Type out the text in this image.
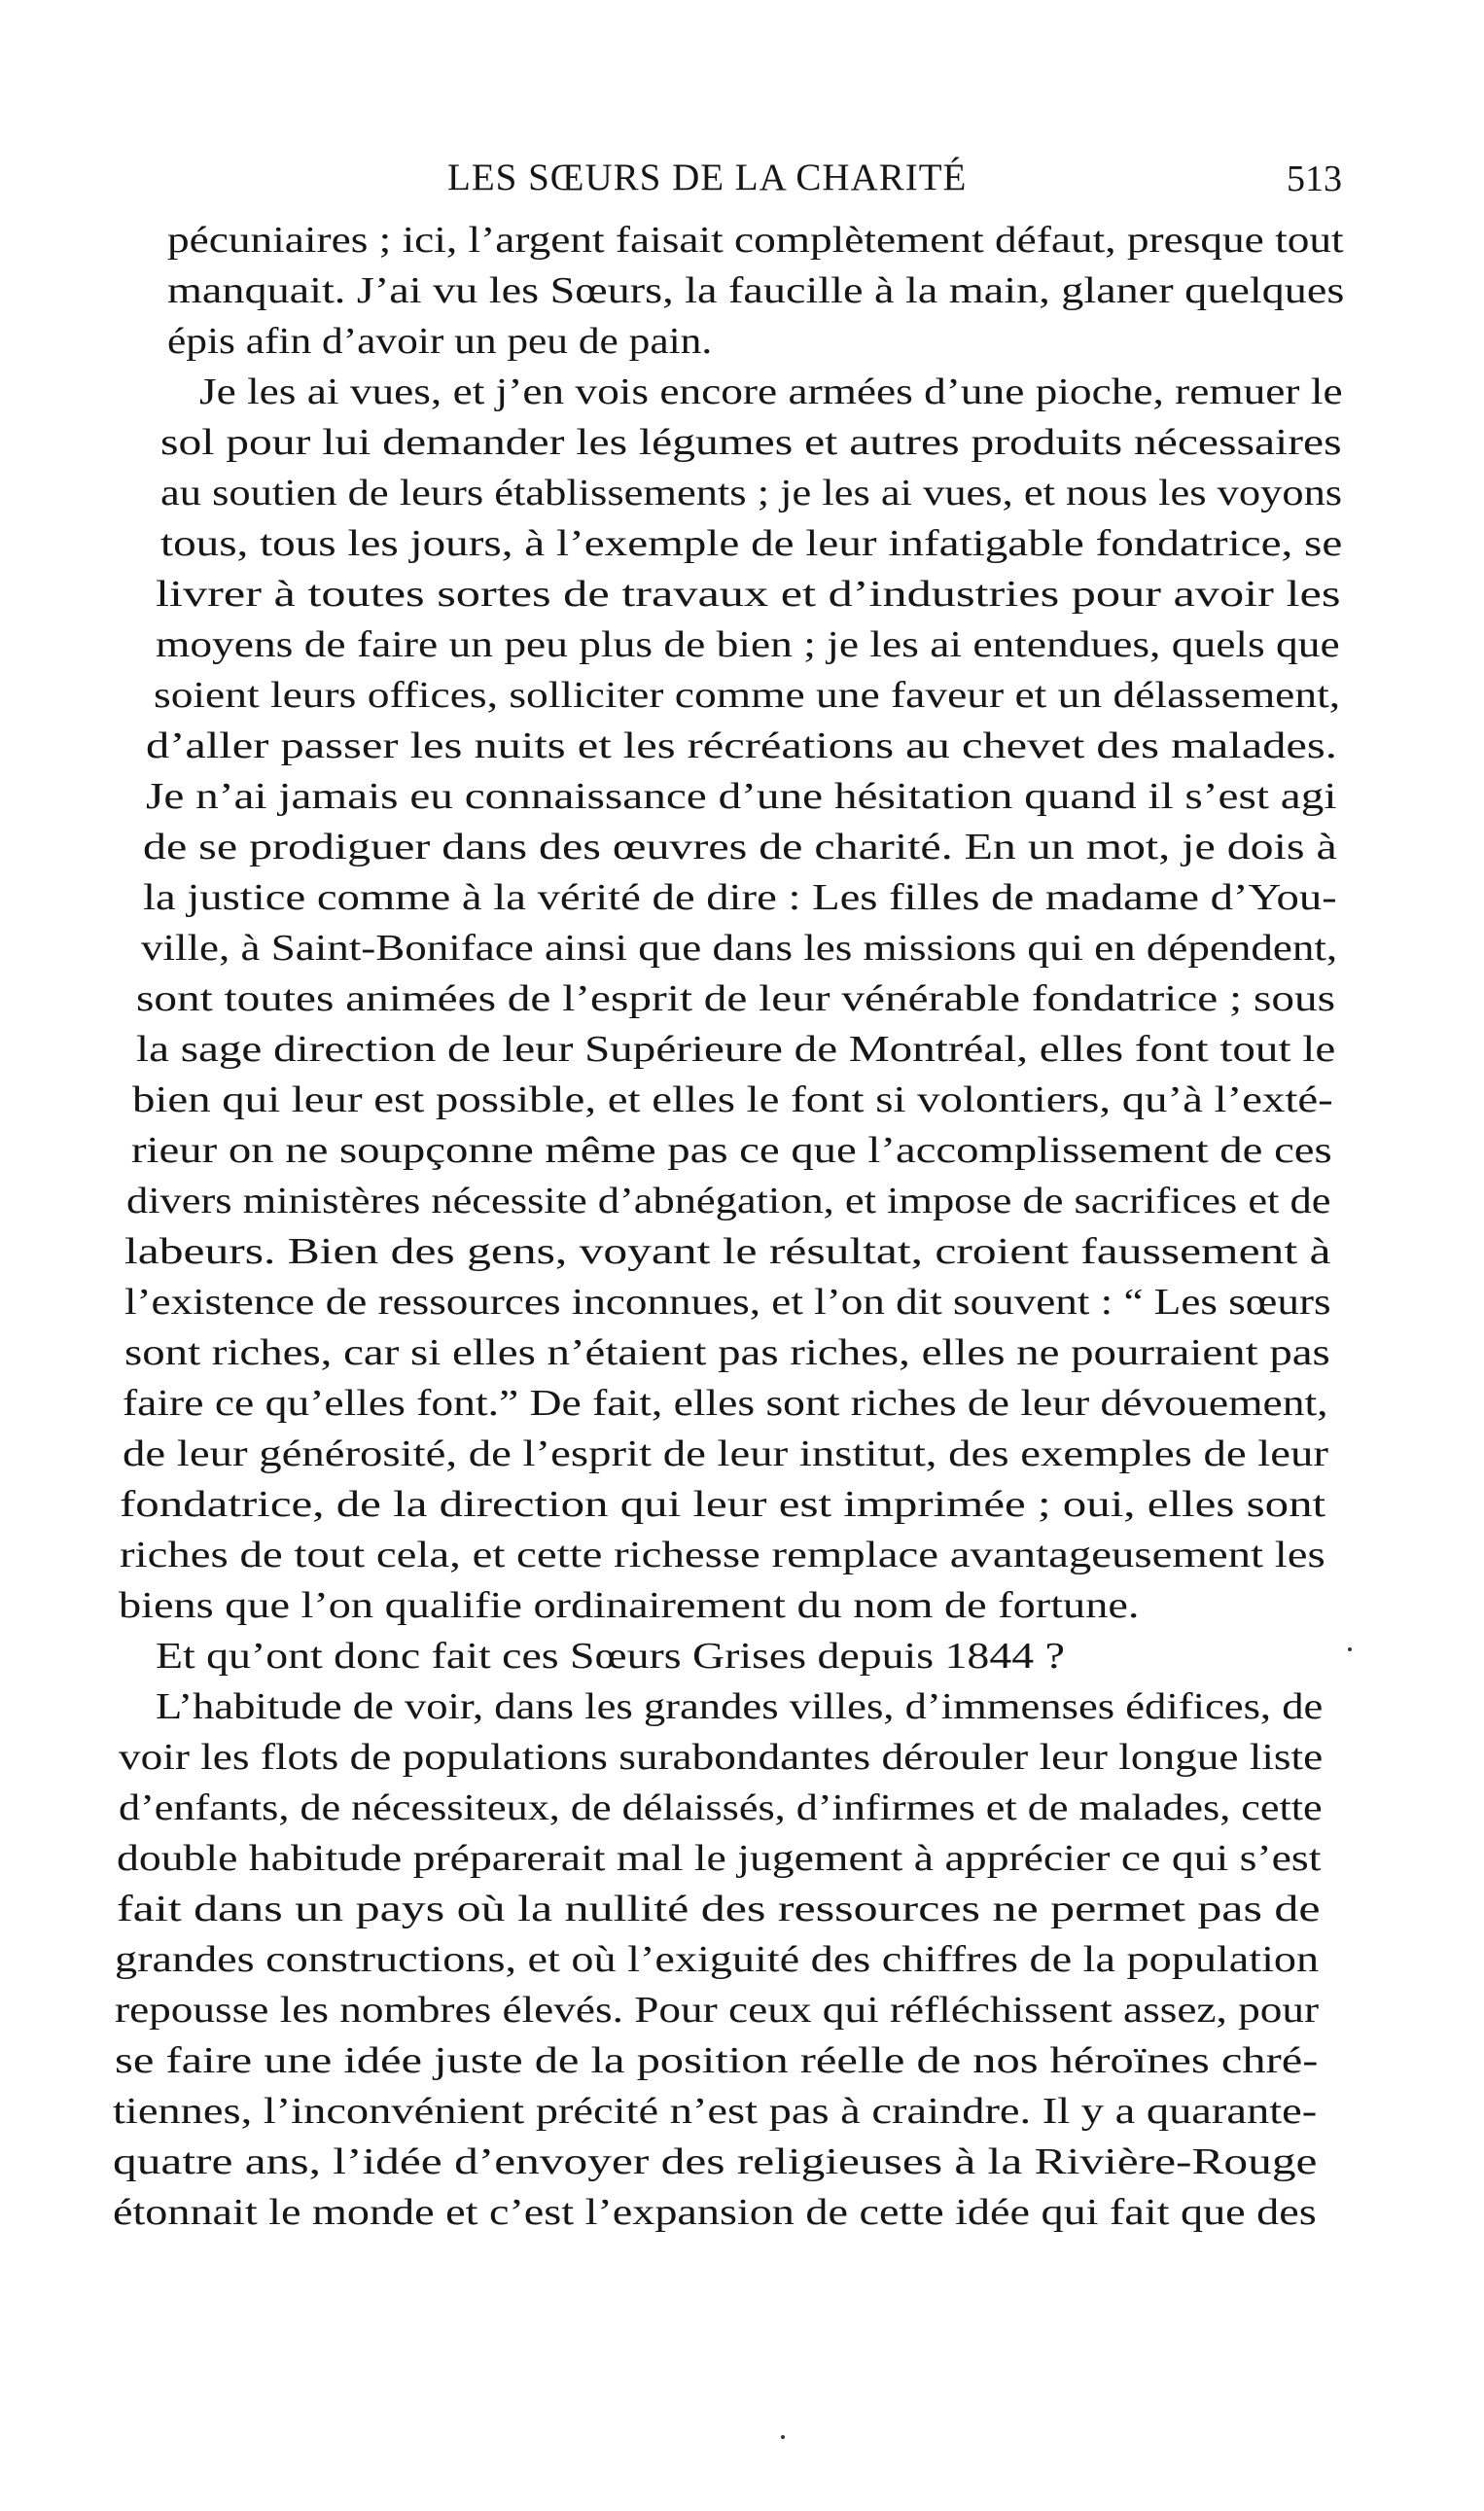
LES SŒURS DE LA CHARITÉ	513
pécuniaires ; ici, l’argent faisait complètement défaut, presque tout
manquait. J’ai vu les Sœurs, la faucille à la main, glaner quelques
épis afin d’avoir un peu de pain.
Je les ai vues, et j’en vois encore armées d’une pioche, remuer le
sol pour lui demander les légumes et autres produits nécessaires
au soutien de leurs établissements ; je les ai vues, et nous les voyons
tous, tous les jours, à l’exemple de leur infatigable fondatrice, se
livrer à toutes sortes de travaux et d’industries pour avoir les
moyens de faire un peu plus de bien ; je les ai entendues, quels que
soient leurs offices, solliciter comme une faveur et un délassement,
d’aller passer les nuits et les récréations au chevet des malades.
Je n’ai jamais eu connaissance d’une hésitation quand il s’est agi
de se prodiguer dans des œuvres de charité. En un mot, je dois à
la justice comme à la vérité de dire : Les filles de madame d’You-
ville, à Saint-Boniface ainsi que dans les missions qui en dépendent,
sont toutes animées de l’esprit de leur vénérable fondatrice ; sous
la sage direction de leur Supérieure de Montréal, elles font tout le
bien qui leur est possible, et elles le font si volontiers, qu’à l’exté-
rieur on ne soupçonne même pas ce que l’accomplissement de ces
divers ministères nécessite d’abnégation, et impose de sacrifices et de
labeurs. Bien des gens, voyant le résultat, croient faussement à
l’existence de ressources inconnues, et l’on dit souvent : “ Les sœurs
sont riches, car si elles n’étaient pas riches, elles ne pourraient pas
faire ce qu’elles font.” De fait, elles sont riches de leur dévouement,
de leur générosité, de l’esprit de leur institut, des exemples de leur
fondatrice, de la direction qui leur est imprimée ; oui, elles sont
riches de tout cela, et cette richesse remplace avantageusement les
biens que l’on qualifie ordinairement du nom de fortune.
Et qu’ont donc fait ces Sœurs Grises depuis 1844 ?
L’habitude de voir, dans les grandes villes, d’immenses édifices, de
voir les flots de populations surabondantes dérouler leur longue liste
d’enfants, de nécessiteux, de délaissés, d’infirmes et de malades, cette
double habitude préparerait mal le jugement à apprécier ce qui s’est
fait dans un pays où la nullité des ressources ne permet pas de
grandes constructions, et où l’exiguité des chiffres de la population
repousse les nombres élevés. Pour ceux qui réfléchissent assez, pour
se faire une idée juste de la position réelle de nos héroïnes chré-
tiennes, l’inconvénient précité n’est pas à craindre. Il y a quarante-
quatre ans, l’idée d’envoyer des religieuses à la Rivière-Rouge
étonnait le monde et c’est l’expansion de cette idée qui fait que des
